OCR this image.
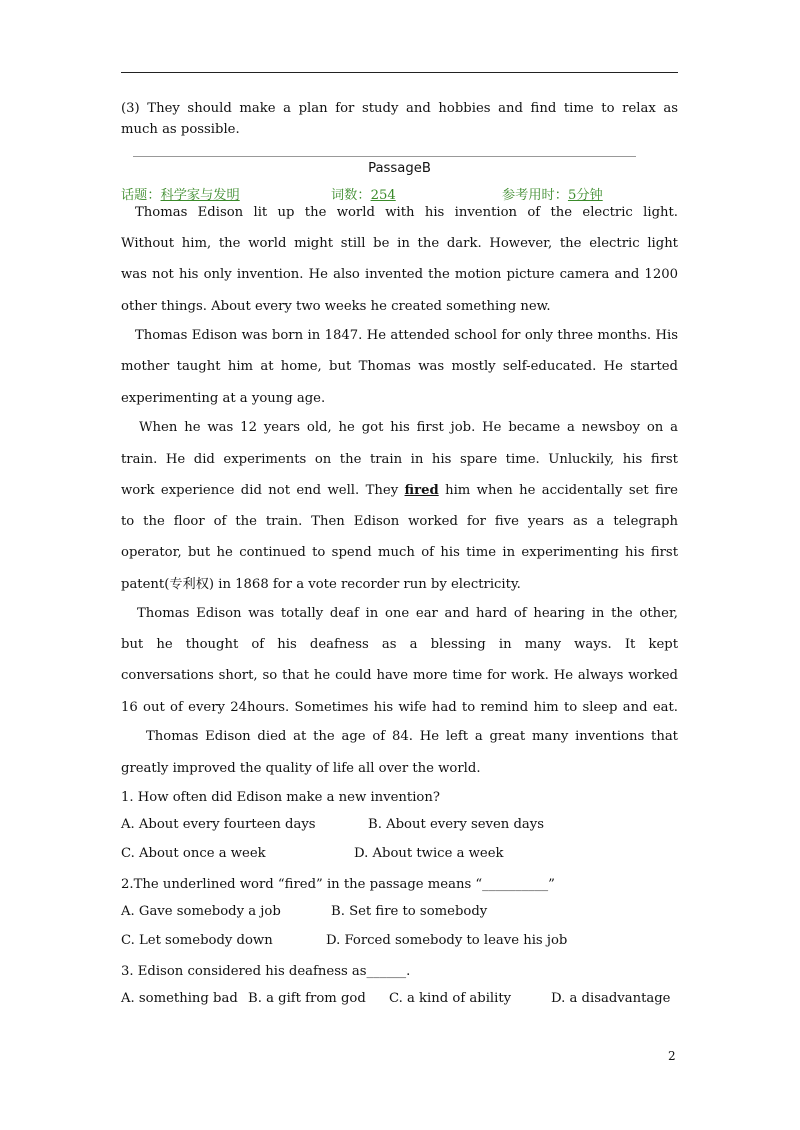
(3) They should make a plan for study and hobbies and find time to relax as
much as possible.
PassageB
话题：科学家与发明	词数：254	参考用时：5分钟
Thomas Edison lit up the world with his invention of the electric light.
Without him, the world might still be in the dark. However, the electric light
was not his only invention. He also invented the motion picture camera and 1200
other things. About every two weeks he created something new.
Thomas Edison was born in 1847. He attended school for only three months. His
mother taught him at home, but Thomas was mostly self-educated. He started
experimenting at a young age.
When he was 12 years old, he got his first job. He became a newsboy on a
train. He did experiments on the train in his spare time. Unluckily, his first
work experience did not end well. They fired him when he accidentally set fire
to the floor of the train. Then Edison worked for five years as a telegraph
operator, but he continued to spend much of his time in experimenting his first
patent(专利权) in 1868 for a vote recorder run by electricity.
Thomas Edison was totally deaf in one ear and hard of hearing in the other,
but he thought of his deafness as a blessing in many ways. It kept
conversations short, so that he could have more time for work. He always worked
16 out of every 24hours. Sometimes his wife had to remind him to sleep and eat.
Thomas Edison died at the age of 84. He left a great many inventions that
greatly improved the quality of life all over the world.
1. How often did Edison make a new invention?
A. About every fourteen days	B. About every seven days
C. About once a week	D. About twice a week
2.The underlined word “fired” in the passage means “__________”
A. Gave somebody a job	B. Set fire to somebody
C. Let somebody down	D. Forced somebody to leave his job
3. Edison considered his deafness as______.
A. something bad B. a gift from god C. a kind of ability	D. a disadvantage
2
